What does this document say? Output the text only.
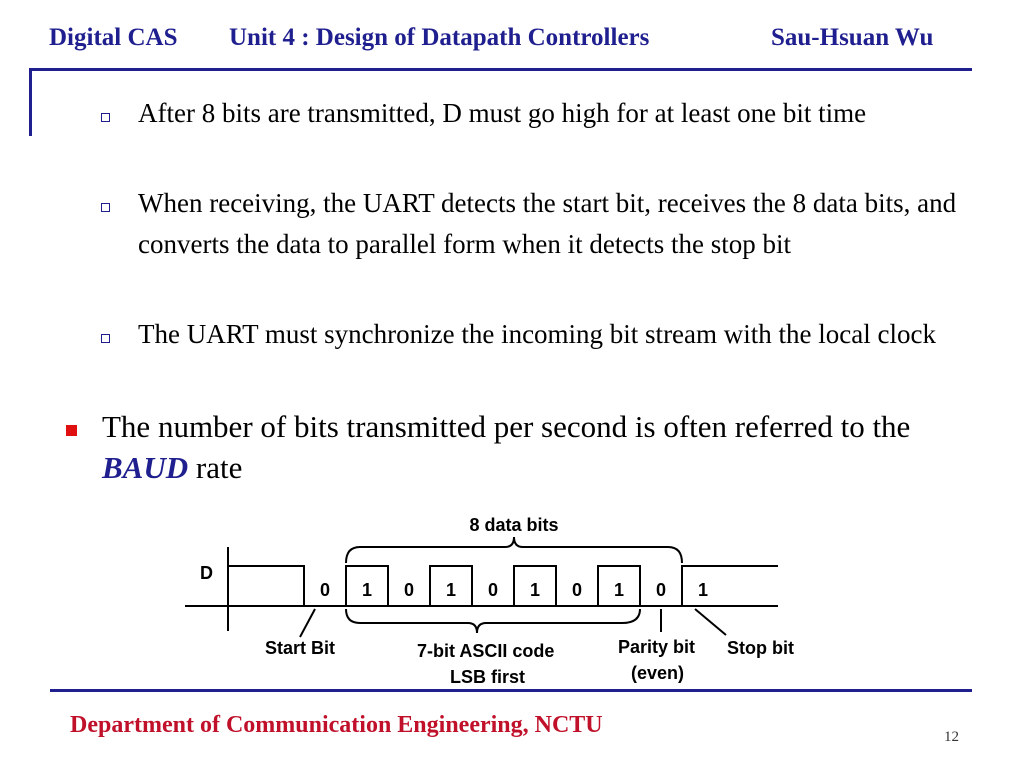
Digital CAS Unit 4 : Design of Datapath Controllers	Sau-Hsuan Wu
After 8 bits are transmitted, D must go high for at least one bit time
When receiving, the UART detects the start bit, receives the 8 data bits, and converts the data to parallel form when it detects the stop bit
The UART must synchronize the incoming bit stream with the local clock
The number of bits transmitted per second is often referred to the BAUD rate
D
0 1 0 1 0 1 0 1 0 1
8 data bits
Start Bit	7-bit ASCII code
LSB first
Parity bit
(even)
Stop bit
Department of Communication Engineering, NCTU	12
